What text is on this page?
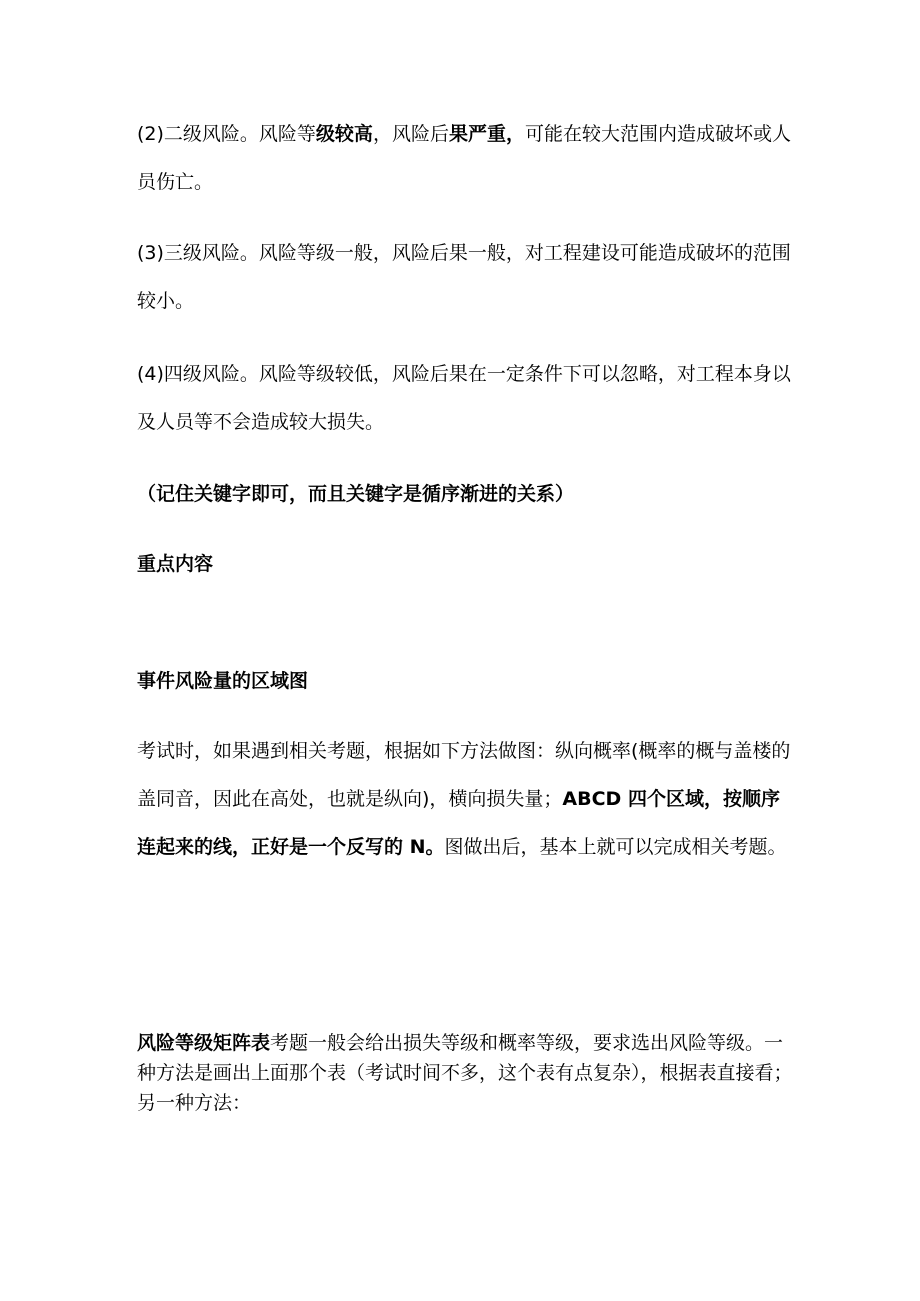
(2)二级风险。风险等级较高，风险后果严重，可能在较大范围内造成破坏或人员伤亡。

(3)三级风险。风险等级一般，风险后果一般，对工程建设可能造成破坏的范围较小。

(4)四级风险。风险等级较低，风险后果在一定条件下可以忽略，对工程本身以及人员等不会造成较大损失。

（记住关键字即可，而且关键字是循序渐进的关系）

重点内容

事件风险量的区域图

考试时，如果遇到相关考题，根据如下方法做图：纵向概率(概率的概与盖楼的盖同音，因此在高处，也就是纵向)，横向损失量；ABCD 四个区域，按顺序连起来的线，正好是一个反写的 N。图做出后，基本上就可以完成相关考题。

风险等级矩阵表考题一般会给出损失等级和概率等级，要求选出风险等级。一种方法是画出上面那个表（考试时间不多，这个表有点复杂），根据表直接看；另一种方法：
